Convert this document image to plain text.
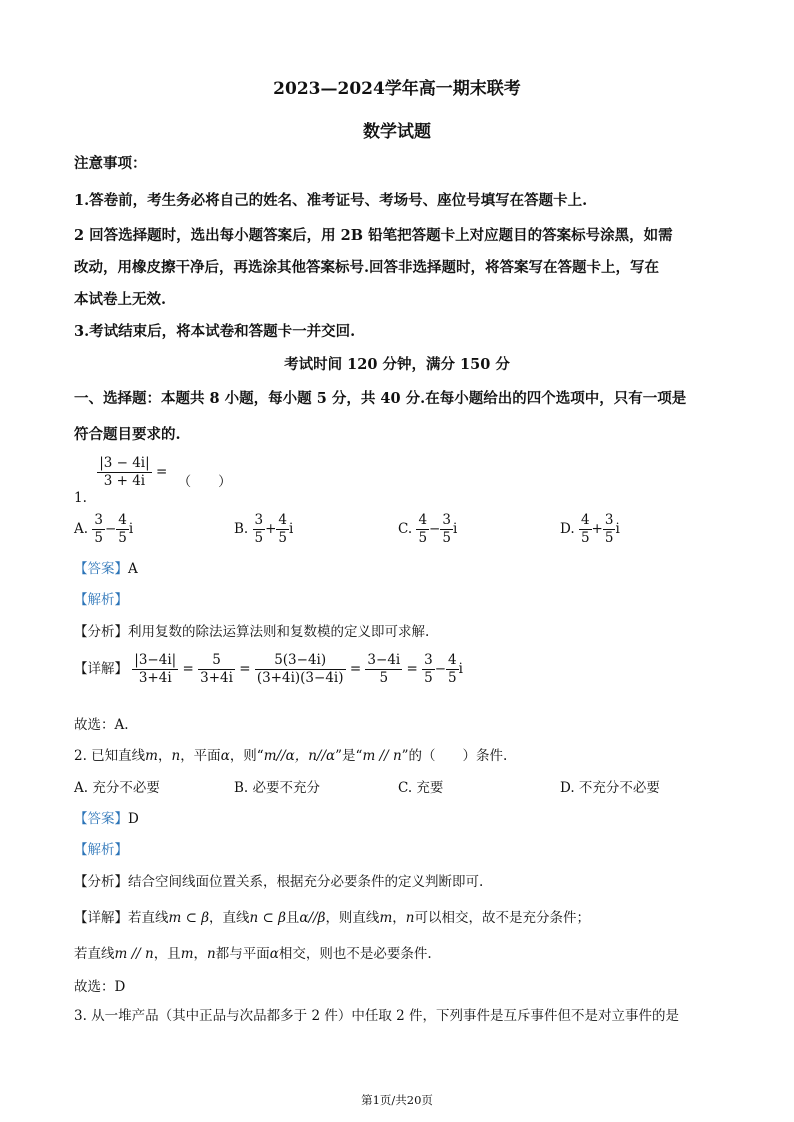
2023—2024学年高一期末联考
数学试题
注意事项：
1.答卷前，考生务必将自己的姓名、准考证号、考场号、座位号填写在答题卡上.
2 回答选择题时，选出每小题答案后，用 2B 铅笔把答题卡上对应题目的答案标号涂黑，如需
改动，用橡皮擦干净后，再选涂其他答案标号.回答非选择题时，将答案写在答题卡上，写在
本试卷上无效.
3.考试结束后，将本试卷和答题卡一并交回.
考试时间 120 分钟，满分 150 分
一、选择题：本题共 8 小题，每小题 5 分，共 40 分.在每小题给出的四个选项中，只有一项是
符合题目要求的.
1.
$\frac{|3 - 4i|}{3 + 4i}$ = （　　）
A. $\frac{3}{5} - \frac{4}{5}$ i	B. $\frac{3}{5} + \frac{4}{5}$ i	C. $\frac{4}{5} - \frac{3}{5}$ i	D. $\frac{4}{5} + \frac{3}{5}$ i
【答案】A
【解析】
【分析】利用复数的除法运算法则和复数模的定义即可求解.
【详解】 $\frac{|3-4i|}{3+4i} = \frac{5}{3+4i} = \frac{5(3-4i)}{(3+4i)(3-4i)} = \frac{3-4i}{5} = \frac{3}{5} - \frac{4}{5}$ i
故选：A.
2. 已知直线m，n，平面α，则“m//α，n//α”是“m // n”的（　　）条件.
A. 充分不必要	B. 必要不充分	C. 充要	D. 不充分不必要
【答案】D
【解析】
【分析】结合空间线面位置关系，根据充分必要条件的定义判断即可.
【详解】若直线m ⊂ β，直线n ⊂ β且α//β，则直线m，n可以相交，故不是充分条件；
若直线m // n，且m，n都与平面α相交，则也不是必要条件.
故选：D
3. 从一堆产品（其中正品与次品都多于 2 件）中任取 2 件，下列事件是互斥事件但不是对立事件的是
第1页/共20页
